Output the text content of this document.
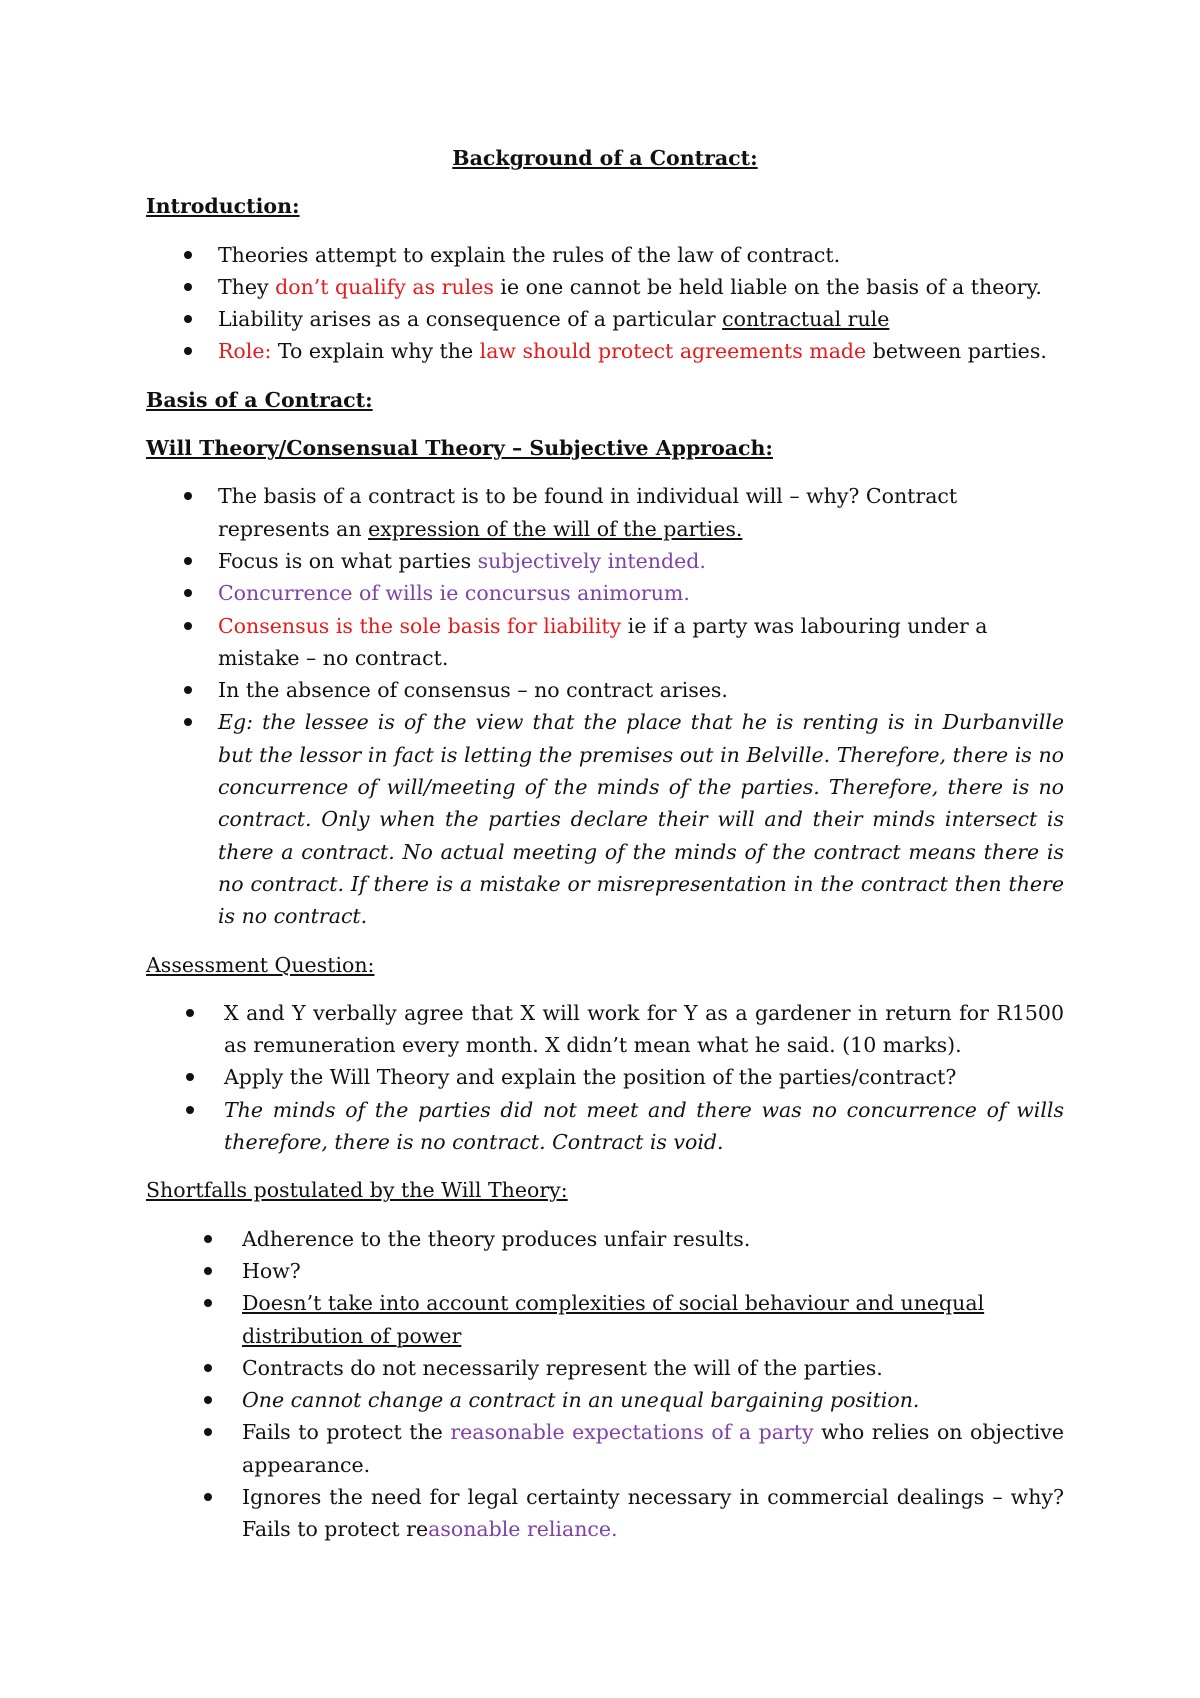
Background of a Contract:
Introduction:
Theories attempt to explain the rules of the law of contract.
They don’t qualify as rules ie one cannot be held liable on the basis of a theory.
Liability arises as a consequence of a particular contractual rule
Role: To explain why the law should protect agreements made between parties.
Basis of a Contract:
Will Theory/Consensual Theory – Subjective Approach:
The basis of a contract is to be found in individual will – why? Contract represents an expression of the will of the parties.
Focus is on what parties subjectively intended.
Concurrence of wills ie concursus animorum.
Consensus is the sole basis for liability ie if a party was labouring under a mistake – no contract.
In the absence of consensus – no contract arises.
Eg: the lessee is of the view that the place that he is renting is in Durbanville but the lessor in fact is letting the premises out in Belville. Therefore, there is no concurrence of will/meeting of the minds of the parties. Therefore, there is no contract. Only when the parties declare their will and their minds intersect is there a contract. No actual meeting of the minds of the contract means there is no contract. If there is a mistake or misrepresentation in the contract then there is no contract.
Assessment Question:
X and Y verbally agree that X will work for Y as a gardener in return for R1500 as remuneration every month. X didn’t mean what he said. (10 marks).
Apply the Will Theory and explain the position of the parties/contract?
The minds of the parties did not meet and there was no concurrence of wills therefore, there is no contract. Contract is void.
Shortfalls postulated by the Will Theory:
Adherence to the theory produces unfair results.
How?
Doesn’t take into account complexities of social behaviour and unequal distribution of power
Contracts do not necessarily represent the will of the parties.
One cannot change a contract in an unequal bargaining position.
Fails to protect the reasonable expectations of a party who relies on objective appearance.
Ignores the need for legal certainty necessary in commercial dealings – why? Fails to protect reasonable reliance.
